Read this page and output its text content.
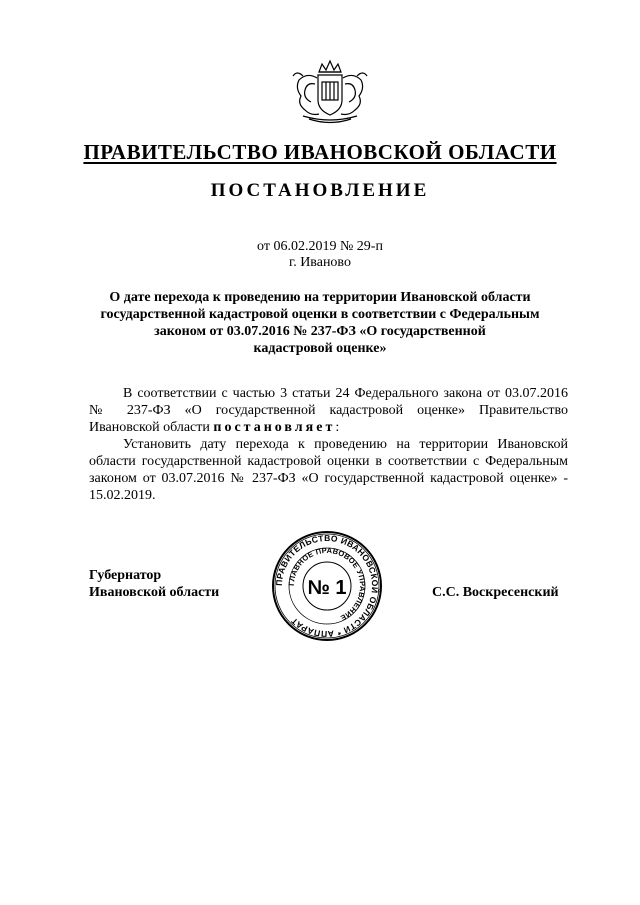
ПРАВИТЕЛЬСТВО ИВАНОВСКОЙ ОБЛАСТИ
ПОСТАНОВЛЕНИЕ
от 06.02.2019 № 29-п
г. Иваново
О дате перехода к проведению на территории Ивановской области
государственной кадастровой оценки в соответствии с Федеральным
законом от 03.07.2016 № 237-ФЗ «О государственной
кадастровой оценке»

В соответствии с частью 3 статьи 24 Федерального закона от 03.07.2016 № 237-ФЗ «О государственной кадастровой оценке» Правительство Ивановской области постановляет:

Установить дату перехода к проведению на территории Ивановской области государственной кадастровой оценки в соответствии с Федеральным законом от 03.07.2016 № 237-ФЗ «О государственной кадастровой оценке» - 15.02.2019.

Губернатор
Ивановской области
ПРАВИТЕЛЬСТВО ИВАНОВСКОЙ ОБЛАСТИ * АППАРАТ
ГЛАВНОЕ ПРАВОВОЕ УПРАВЛЕНИЕ
№ 1	С.С. Воскресенский
